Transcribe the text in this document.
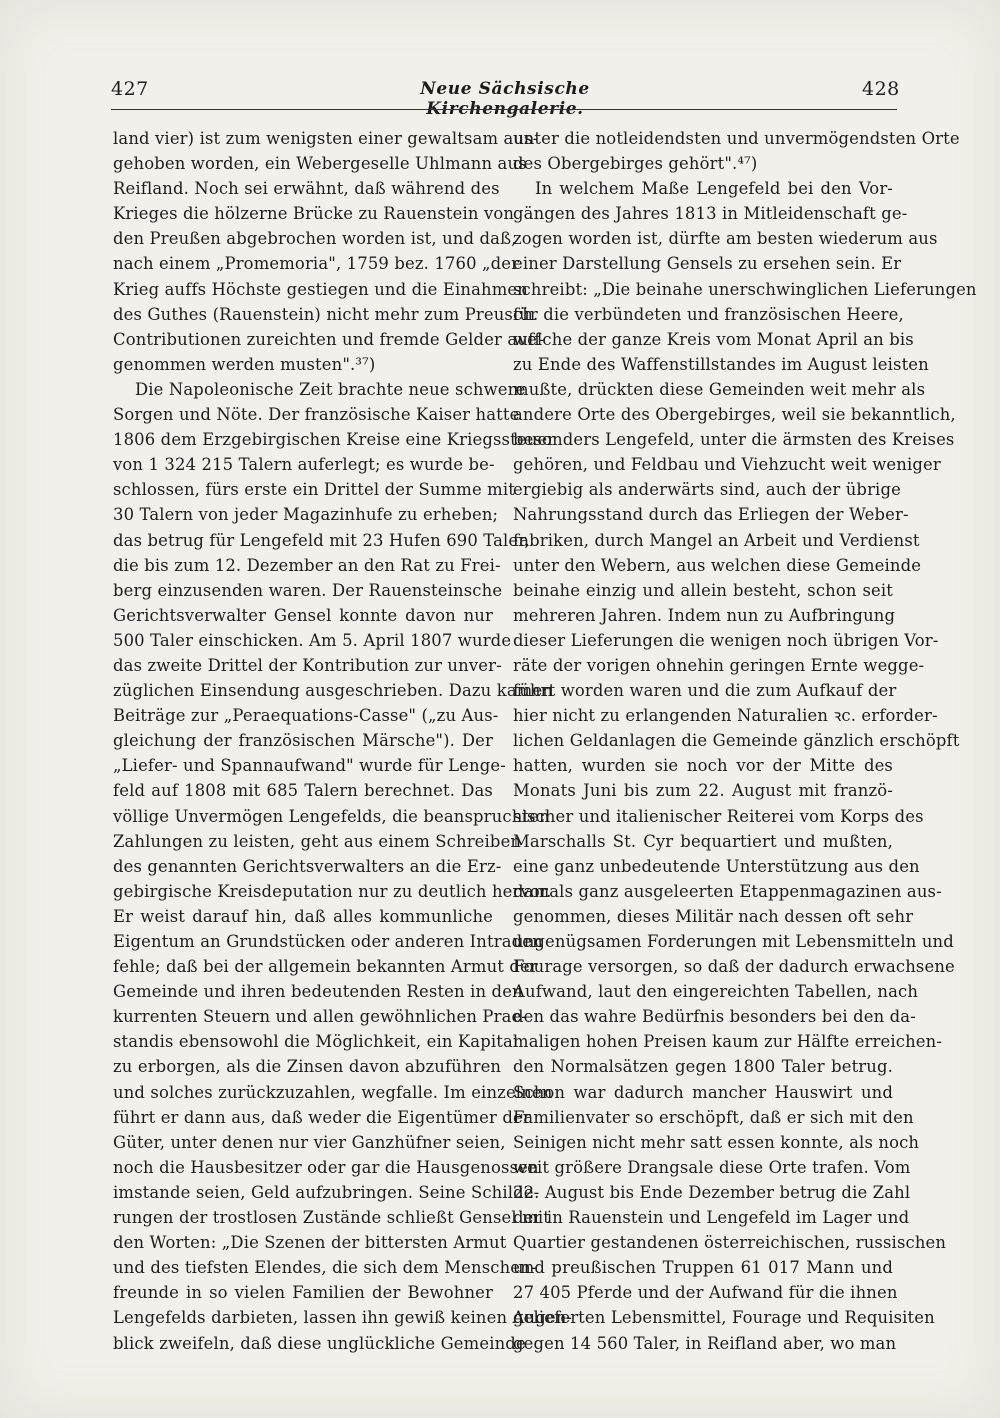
427	Neue Sächsische Kirchengalerie.
428
land vier) ist zum wenigsten einer gewaltsam aus-
gehoben worden, ein Webergeselle Uhlmann aus
Reifland. Noch sei erwähnt, daß während des
Krieges die hölzerne Brücke zu Rauenstein von
den Preußen abgebrochen worden ist, und daß,
nach einem „Promemoria", 1759 bez. 1760 „der
Krieg auffs Höchste gestiegen und die Einahmen
des Guthes (Rauenstein) nicht mehr zum Preusch.
Contributionen zureichten und fremde Gelder auff-
genommen werden musten".³⁷)
Die Napoleonische Zeit brachte neue schwere
Sorgen und Nöte. Der französische Kaiser hatte
1806 dem Erzgebirgischen Kreise eine Kriegssteuer
von 1 324 215 Talern auferlegt; es wurde be-
schlossen, fürs erste ein Drittel der Summe mit
30 Talern von jeder Magazinhufe zu erheben;
das betrug für Lengefeld mit 23 Hufen 690 Taler,
die bis zum 12. Dezember an den Rat zu Frei-
berg einzusenden waren. Der Rauensteinsche
Gerichtsverwalter Gensel konnte davon nur
500 Taler einschicken. Am 5. April 1807 wurde
das zweite Drittel der Kontribution zur unver-
züglichen Einsendung ausgeschrieben. Dazu kamen
Beiträge zur „Peraequations-Casse" („zu Aus-
gleichung der französischen Märsche"). Der
„Liefer- und Spannaufwand" wurde für Lenge-
feld auf 1808 mit 685 Talern berechnet. Das
völlige Unvermögen Lengefelds, die beanspruchten
Zahlungen zu leisten, geht aus einem Schreiben
des genannten Gerichtsverwalters an die Erz-
gebirgische Kreisdeputation nur zu deutlich hervor.
Er weist darauf hin, daß alles kommunliche
Eigentum an Grundstücken oder anderen Intraden
fehle; daß bei der allgemein bekannten Armut der
Gemeinde und ihren bedeutenden Resten in den
kurrenten Steuern und allen gewöhnlichen Prae-
standis ebensowohl die Möglichkeit, ein Kapital
zu erborgen, als die Zinsen davon abzuführen
und solches zurückzuzahlen, wegfalle. Im einzelnen
führt er dann aus, daß weder die Eigentümer der
Güter, unter denen nur vier Ganzhüfner seien,
noch die Hausbesitzer oder gar die Hausgenossen
imstande seien, Geld aufzubringen. Seine Schilde-
rungen der trostlosen Zustände schließt Gensel mit
den Worten: „Die Szenen der bittersten Armut
und des tiefsten Elendes, die sich dem Menschen-
freunde in so vielen Familien der Bewohner
Lengefelds darbieten, lassen ihn gewiß keinen Augen-
blick zweifeln, daß diese unglückliche Gemeinde
unter die notleidendsten und unvermögendsten Orte
des Obergebirges gehört".⁴⁷)
In welchem Maße Lengefeld bei den Vor-
gängen des Jahres 1813 in Mitleidenschaft ge-
zogen worden ist, dürfte am besten wiederum aus
einer Darstellung Gensels zu ersehen sein. Er
schreibt: „Die beinahe unerschwinglichen Lieferungen
für die verbündeten und französischen Heere,
welche der ganze Kreis vom Monat April an bis
zu Ende des Waffenstillstandes im August leisten
mußte, drückten diese Gemeinden weit mehr als
andere Orte des Obergebirges, weil sie bekanntlich,
besonders Lengefeld, unter die ärmsten des Kreises
gehören, und Feldbau und Viehzucht weit weniger
ergiebig als anderwärts sind, auch der übrige
Nahrungsstand durch das Erliegen der Weber-
fabriken, durch Mangel an Arbeit und Verdienst
unter den Webern, aus welchen diese Gemeinde
beinahe einzig und allein besteht, schon seit
mehreren Jahren. Indem nun zu Aufbringung
dieser Lieferungen die wenigen noch übrigen Vor-
räte der vorigen ohnehin geringen Ernte wegge-
führt worden waren und die zum Aufkauf der
hier nicht zu erlangenden Naturalien ꝛc. erforder-
lichen Geldanlagen die Gemeinde gänzlich erschöpft
hatten, wurden sie noch vor der Mitte des
Monats Juni bis zum 22. August mit franzö-
sischer und italienischer Reiterei vom Korps des
Marschalls St. Cyr bequartiert und mußten,
eine ganz unbedeutende Unterstützung aus den
damals ganz ausgeleerten Etappenmagazinen aus-
genommen, dieses Militär nach dessen oft sehr
ungenügsamen Forderungen mit Lebensmitteln und
Fourage versorgen, so daß der dadurch erwachsene
Aufwand, laut den eingereichten Tabellen, nach
den das wahre Bedürfnis besonders bei den da-
maligen hohen Preisen kaum zur Hälfte erreichen-
den Normalsätzen gegen 1800 Taler betrug.
Schon war dadurch mancher Hauswirt und
Familienvater so erschöpft, daß er sich mit den
Seinigen nicht mehr satt essen konnte, als noch
weit größere Drangsale diese Orte trafen. Vom
22. August bis Ende Dezember betrug die Zahl
der in Rauenstein und Lengefeld im Lager und
Quartier gestandenen österreichischen, russischen
und preußischen Truppen 61 017 Mann und
27 405 Pferde und der Aufwand für die ihnen
gelieferten Lebensmittel, Fourage und Requisiten
gegen 14 560 Taler, in Reifland aber, wo man
